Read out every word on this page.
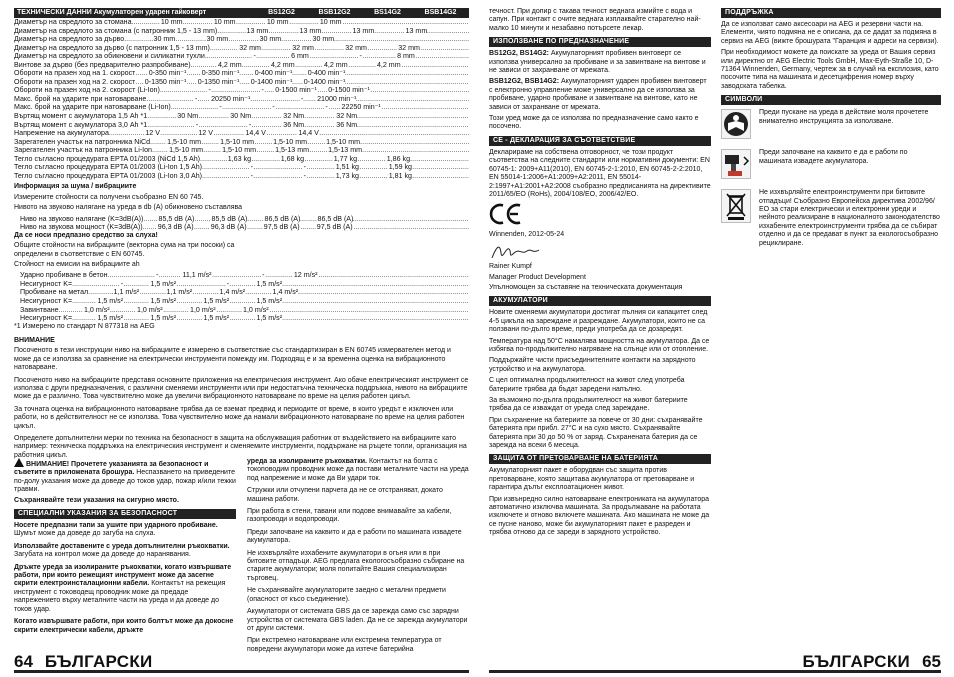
ТЕХНИЧЕСКИ ДАННИ Акумулаторен ударен гайковерт	BS12G2	BSB12G2	BS14G2	BSB14G2
Диаметър на свредлото за стомана	..... 10 mm	10 mm	10 mm	10 mm
Диаметър на свредлото за стомана (с патронник 1,5 - 13 mm)	..... 13 mm	13 mm	13 mm	13 mm
Диаметър на свредлото за дърво	..... 30 mm	30 mm	30 mm	30 mm
Диаметър на свредлото за дърво (с патронник 1,5 - 13 mm)	..... 32 mm	32 mm	32 mm	32 mm
Диаметър на свредлото за обикновени и силикатни тухли	..... -	6 mm	-	8 mm
Винтове за дърво (без предварително разпробиване)	..... 4,2 mm	4,2 mm	4,2 mm	4,2 mm
Обороти на празен ход на 1. скорост	..... 0-350 min⁻¹	0-350 min⁻¹	0-400 min⁻¹	0-400 min⁻¹
Обороти на празен ход на 2. скорост	..... 0-1350 min⁻¹	0-1350 min⁻¹	0-1400 min⁻¹	0-1400 min⁻¹
Обороти на празен ход на 2. скорост (Li-Ion)	..... -	-	0-1500 min⁻¹	0-1500 min⁻¹
Макс. брой на ударите при натоварване	..... -	20250 min⁻¹	-	21000 min⁻¹
Макс. брой на ударите при натоварване (Li-Ion)	..... -	-	-	22250 min⁻¹
Въртящ момент с акумулатора 1,5 Ah *1	..... 30 Nm	30 Nm	32 Nm	32 Nm
Въртящ момент с акумулатора 3,0 Ah *1	..... -	-	36 Nm	36 Nm
Напрежение на акумулатора	..... 12 V	12 V	14,4 V	14,4 V
Зарегателен участък на патронника NiCd	..... 1,5-10 mm	1,5-10 mm	1,5-10 mm	1,5-10 mm
Зарегателен участък на патронника Li-Ion	..... 1,5-10 mm	1,5-10 mm	1,5-13 mm	1,5-13 mm
Тегло съгласно процедурата EPTA 01/2003 (NiCd 1,5 Ah)	..... 1,63 kg	1,68 kg	1,77 kg	1,86 kg
Тегло съгласно процедурата EPTA 01/2003 (Li-Ion 1,5 Ah)	..... -	-	1,51 kg	1,59 kg
Тегло съгласно процедурата EPTA 01/2003 (Li-Ion 3,0 Ah)	..... -	-	1,73 kg	1,81 kg

Информация за шума / вибрациите

Измерените стойности са получени съобразно EN 60 745.

Нивото на звуково налягане на уреда в db (A) обикновено съставлява

Ниво на звуково налягане (K=3dB(A))	..... 85,5 dB (A)	85,5 dB (A)	86,5 dB (A)	86,5 dB (A)
Ниво на звукова мощност (K=3dB(A))	..... 96,3 dB (A)	96,3 dB (A)	97,5 dB (A)	97,5 dB (A)

Да се носи предпазно средство за слуха!

Общите стойности на вибрациите (векторна сума на три посоки) са определени в съответствие с EN 60745.

Стойност на емисии на вибрациите ah

Ударно пробиване в бетон	..... -	11,1 m/s²	-	12 m/s²
Несигурност K=	..... -	1,5 m/s²	-	1,5 m/s²
Пробиване на метал	..... 1,1 m/s²	1,1 m/s²	1,4 m/s²	1,4 m/s²
Несигурност K=	..... 1,5 m/s²	1,5 m/s²	1,5 m/s²	1,5 m/s²
Завинтване	..... 1,0 m/s²	1,0 m/s²	1,0 m/s²	1,0 m/s²
Несигурност K=	..... 1,5 m/s²	1,5 m/s²	1,5 m/s²	1,5 m/s²

*1 Измерено по стандарт N 877318 на AEG

ВНИМАНИЕ

Посоченото в тези инструкции ниво на вибрациите е измерено в съответствие със стандартизиран в EN 60745 измервателен метод и може да се използва за сравнение на електрически инструменти помежду им. Подходящ е и за временна оценка на вибрационното натоварване.

Посоченото ниво на вибрациите представя основните приложения на електрическия инструмент. Ако обаче електрическият инструмент се използва с други предназначения, с различни сменяеми инструменти или при недостатъчна техническа поддръжка, нивото на вибрациите може да е различно. Това чувствително може да увеличи вибрационното натоварване по време на целия работен цикъл.

За точната оценка на вибрационното натоварване трябва да се вземат предвид и периодите от време, в които уредът е изключен или работи, но в действителност не се използва. Това чувствително може да намали вибрационното натоварване по време на целия работен цикъл.

Определете допълнителни мерки по техника на безопасност в защита на обслужващия работник от въздействието на вибрациите като например: техническа поддръжка на електрическия инструмент и сменяемите инструменти, поддържане на ръцете топли, организация на работния цикъл.

ВНИМАНИЕ! Прочетете указанията за безопасност и съветите в приложената брошура. Неспазването на приведените по-долу указания може да доведе до токов удар, пожар и/или тежки травми.

Съхранявайте тези указания на сигурно място.

СПЕЦИАЛНИ УКАЗАНИЯ ЗА БЕЗОПАСНОСТ

Носете предпазни тапи за ушите при ударного пробиване. Шумът може да доведе до загуба на слуха.

Използвайте доставените с уреда допълнителни ръкохватки. Загубата на контрол може да доведе до наранявания.

Дръжте уреда за изолираните ръкохватки, когато извършвате работи, при които режещият инструмент може да засегне скрити електроинсталационни кабели. Контактът на режещия инструмент с тоководещ проводник може да предаде напрежението върху металните части на уреда и да доведе до токов удар.

Когато извършвате работи, при които болтът може да докосне скрити електрически кабели, дръжте

уреда за изолираните ръкохватки. Контактът на болта с токоповодим проводник може да постави металните части на уреда под напрежение и може да Ви удари ток.

Стружки или отчупени парчета да не се отстраняват, докато машина работи.

При работа в стени, тавани или подове внимавайте за кабели, газопроводи и водопроводи.

Преди започване на каквито и да е работи по машината извадете акумулатора.

Не изхвърляйте изхабените акумулатори в огъня или в при битовите отпадъци. AEG предлага екологосъобразно събиране на старите акумулатори; моля попитайте Вашия специализиран търговец.

Не съхранявайте акумулаторите заедно с метални предмети (опасност от късо съединение).

Акумулатори от системата GBS да се зарежда само със зарядни устройства от системата GBS laden. Да не се зарежда акумулатори от други системи.

При екстремно натоварване или екстремна температура от повредени акумулатори може да изтече батерийна

64 БЪЛГАРСКИ

течност. При допир с такава течност веднага измийте с вода и сапун. При контакт с очите веднага изплаквайте старателно най-малко 10 минути и незабавно потърсете лекар.

ИЗПОЛЗВАНЕ ПО ПРЕДНАЗНАЧЕНИЕ

BS12G2, BS14G2: Акумулаторният пробивен винтоверт се използва универсално за пробиване и за завинтване на винтове и не зависи от захранване от мрежата.

BSB12G2, BSB14G2: Акумулаторният ударен пробивен винтоверт с електронно управление може универсално да се използва за пробиване, ударно пробиване и завинтване на винтове, като не зависи от захранване от мрежата.

Този уред може да се използва по предназначение само както е посочено.

CE - ДЕКЛАРАЦИЯ ЗА СЪОТВЕТСТВИЕ

Декларираме на собствена отговорност, че този продукт съответства на следните стандарти или нормативни документи: EN 60745-1: 2009+A11(2010), EN 60745-2-1:2010, EN 60745-2-2:2010, EN 55014-1:2006+A1:2009+A2:2011, EN 55014-2:1997+A1:2001+A2:2008 съобразно предписанията на директивите 2011/65/EO (RoHs), 2004/108/EO, 2006/42/EO.

Winnenden, 2012-05-24

Rainer Kumpf

Manager Product Development

Упълномощен за съставяне на техническата документация

АКУМУЛАТОРИ

Новите сменяеми акумулатори достигат пълния си капацитет след 4-5 цикъла на зареждане и разреждане. Акумулатори, които не са ползвани по-дълго време, преди употреба да се дозаредят.

Температура над 50°C намалява мощността на акумулатора. Да се избягва по-продължително нагряване на слънце или от отопление.

Поддържайте чисти присъединителните контакти на зарядното устройство и на акумулатора.

С цел оптимална продължителност на живот след употреба батериите трябва да бъдат заредени напълно.

За възможно по-дълга продължителност на живот батериите трябва да се изваждат от уреда след зареждане.

При съхранение на батериите за повече от 30 дни: съхранявайте батерията при прибл. 27°C и на сухо място. Съхранявайте батерията при 30 до 50 % от заряд. Съхранената батерия да се зарежда на всеки 6 месеца.

ЗАЩИТА ОТ ПРЕТОВАРВАНЕ НА БАТЕРИЯТА

Акумулаторният пакет е оборудван със защита против претоварване, която защитава акумулатора от претоварване и гарантира дълъг експлоатационен живот.

При извънредно силно натоварване електрониката на акумулатора автоматично изключва машината. За продължаване на работата изключете и отново включете машината. Ако машината не може да се пусне наново, може би акумулаторният пакет е разреден и трябва отново да се зареди в зарядното устройство.

ПОДДРЪЖКА

Да се използват само аксесоари на AEG и резервни части на. Елементи, чиято подмяна не е описана, да се дадат за подмяна в сервиз на AEG (вижте брошурата "Гаранция и адреси на сервизи).

При необходимост можете да поискате за уреда от Вашия сервиз или директно от AEG Electric Tools GmbH, Max-Eyth-Straße 10, D-71364 Winnenden, Germany, чертеж за в случай на експлозия, като посочите типа на машината и десетцифрения номер върху заводската табелка.

СИМВОЛИ

Преди пускане на уреда в действие моля прочетете внимателно инструкцията за използване.

Преди започване на каквито е да е работи по машината извадете акумулатора.

Не изхвърляйте електроинструменти при битовите отпадъци! Съобразно Европейска директива 2002/96/ЕО за стари електрически и електронни уреди и нейното реализиране в националното законодателство изхабените електроинструменти трябва да се събират отделно и да се предават в пункт за екологосъобразно рециклиране.

БЪЛГАРСКИ 65
